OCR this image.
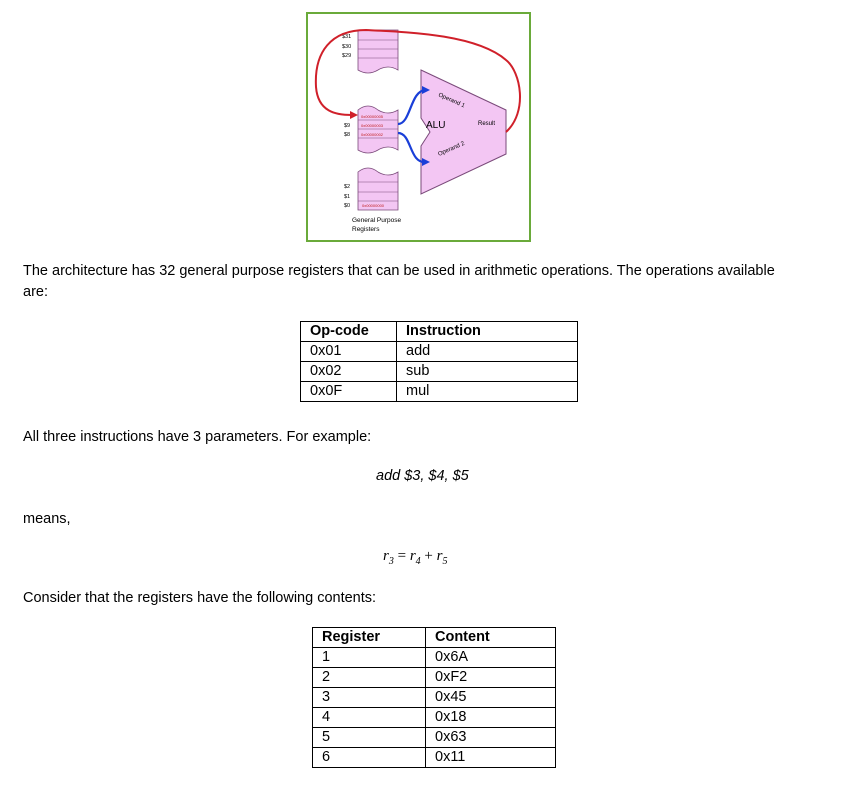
$31
$30
$29
0x00000005
0x00000003
0x00000002
$9
$8
$2
$1
$0	0x00000000
General Purpose
Registers
ALU	Result
Operand 1
Operand 2
The architecture has 32 general purpose registers that can be used in arithmetic operations. The operations available
are:
Op-code	Instruction
0x01	add
0x02	sub
0x0F	mul
All three instructions have 3 parameters. For example:
add $3, $4, $5
means,
$r_3 = r_4 + r_5$
Consider that the registers have the following contents:
Register	Content
1	0x6A
2	0xF2
3	0x45
4	0x18
5	0x63
6	0x11
